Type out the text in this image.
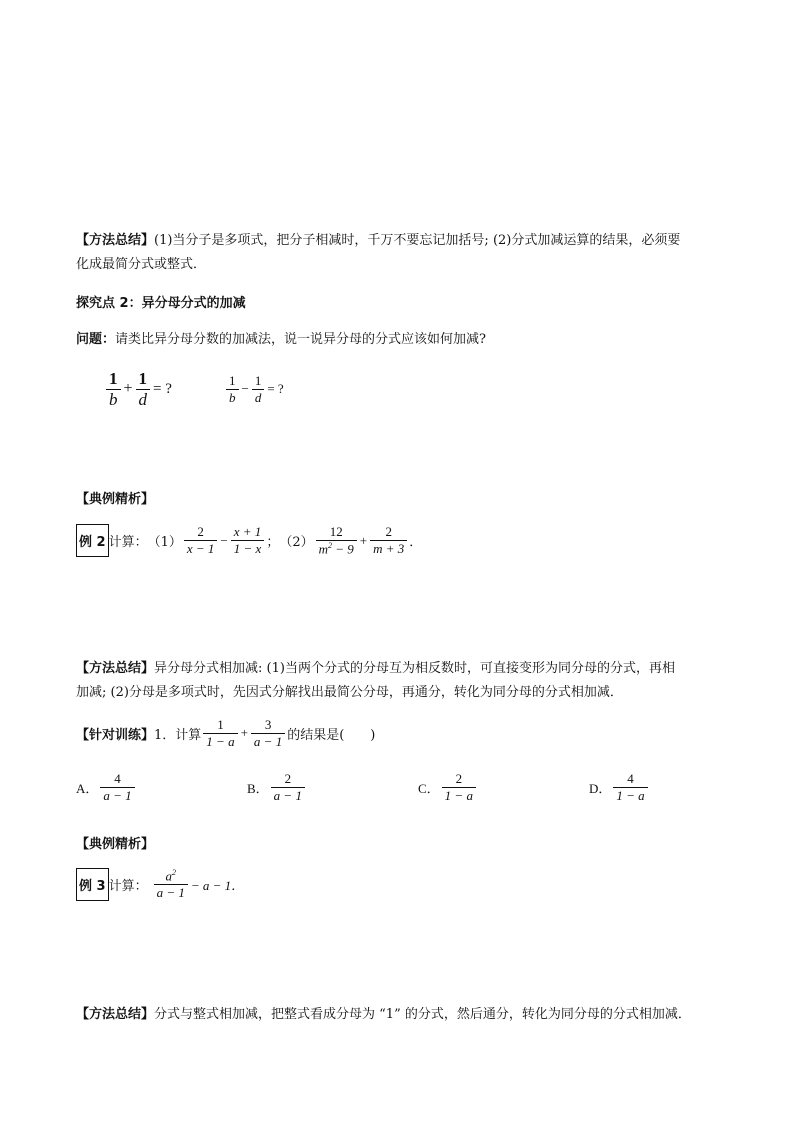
【方法总结】(1)当分子是多项式，把分子相减时，千万不要忘记加括号; (2)分式加减运算的结果，必须要
化成最简分式或整式．
探究点 2：异分母分式的加减
问题：请类比异分母分数的加减法，说一说异分母的分式应该如何加减?
$\frac{1}{b} + \frac{1}{d}$ = ?	$\frac{1}{b} - \frac{1}{d}$ = ?
【典例精析】
例 2 计算： $(1) \frac{2}{x - 1} - \frac{x + 1}{1 - x}$ ； $(2) \frac{12}{m^2 - 9} + \frac{2}{m + 3}$ ．
【方法总结】异分母分式相加减: (1)当两个分式的分母互为相反数时，可直接变形为同分母的分式，再相
加减; (2)分母是多项式时，先因式分解找出最简公分母，再通分，转化为同分母的分式相加减．
【针对训练】 1．计算 $\frac{1}{1 - a} + \frac{3}{a - 1}$ 的结果是(　　)
A． $\frac{4}{a - 1}$	B． $\frac{2}{a - 1}$	C． $\frac{2}{1 - a}$	D． $\frac{4}{1 - a}$
【典例精析】
例 3 计算： $\frac{a^2}{a - 1} - a - 1$．
【方法总结】分式与整式相加减，把整式看成分母为 “1” 的分式，然后通分，转化为同分母的分式相加减．
